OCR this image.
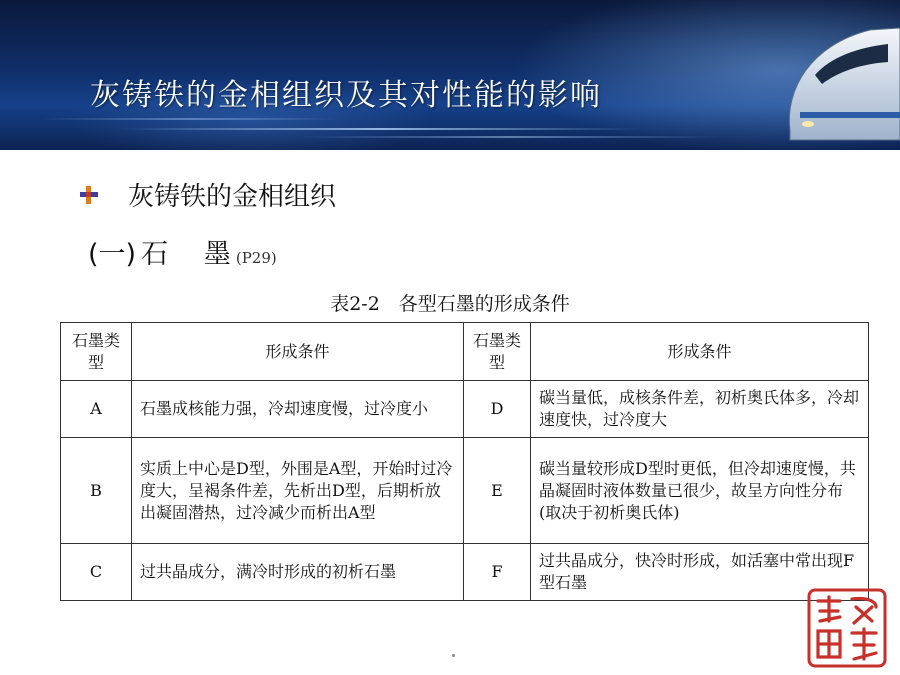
灰铸铁的金相组织及其对性能的影响
灰铸铁的金相组织
(一) 石　 墨 (P29)
表2-2　各型石墨的形成条件
石墨类型	形成条件	石墨类型	形成条件
A	石墨成核能力强，冷却速度慢，过冷度小	D	碳当量低，成核条件差，初析奥氏体多，冷却速度快，过冷度大
B	实质上中心是D型，外围是A型，开始时过冷度大，呈褐条件差，先析出D型，后期析放出凝固潜热，过冷减少而析出A型	E	碳当量较形成D型时更低，但冷却速度慢，共晶凝固时液体数量已很少，故呈方向性分布(取决于初析奥氏体)
C	过共晶成分，满冷时形成的初析石墨	F	过共晶成分，快冷时形成，如活塞中常出现F型石墨
